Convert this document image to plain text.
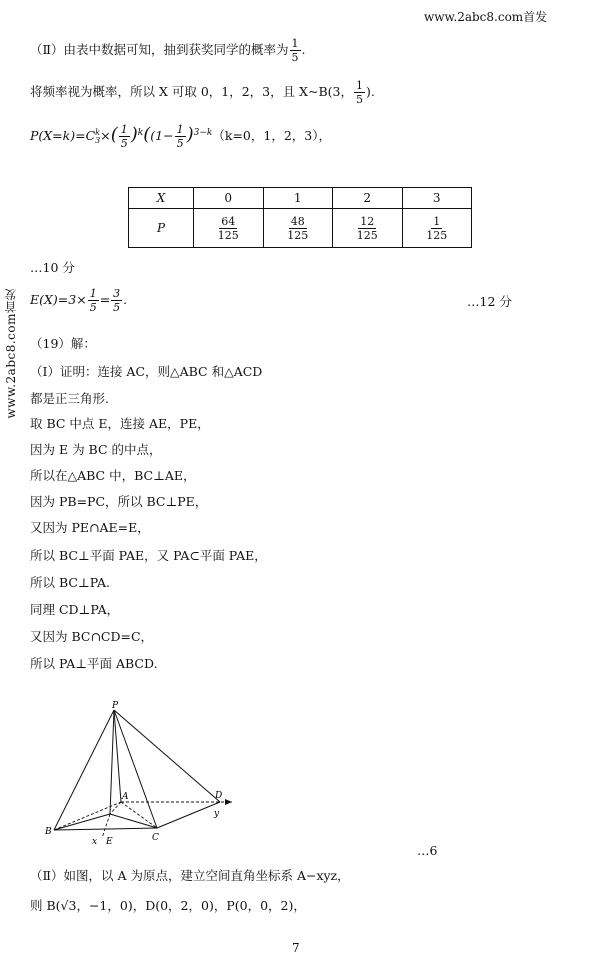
www.2abc8.com首发
www.2abc8.com首发
（Ⅱ）由表中数据可知，抽到获奖同学的概率为 $\frac{1}{5}$ .
将频率视为概率，所以 X 可取 0，1，2，3，且 X~B(3， $\frac{1}{5}$ ).
P(X=k)=C k
3 ×( $\frac{1}{5} )^k((1- \frac{1}{5} )^{3-k}(k=0$，1，2，3），
X	0	1	2	3
P	$\frac{64}{125}$	$\frac{48}{125}$	$\frac{12}{125}$	$\frac{1}{125}$
…10 分
$E(X)=3\times \frac{1}{5} = \frac{3}{5}$ .	…12 分
（19）解：
（Ⅰ）证明：连接 AC，则△ABC 和△ACD
都是正三角形.
取 BC 中点 E，连接 AE，PE，
因为 E 为 BC 的中点，
所以在△ABC 中，BC⊥AE，
因为 PB=PC，所以 BC⊥PE，
又因为 PE∩AE=E，
所以 BC⊥平面 PAE，又 PA⊂平面 PAE，
所以 BC⊥PA.
同理 CD⊥PA，
又因为 BC∩CD=C，
所以 PA⊥平面 ABCD.
P
A
B
C
D
E
x
y
…6
（Ⅱ）如图，以 A 为原点，建立空间直角坐标系 A−xyz，
则 B(√3，−1，0)，D(0，2，0)，P(0，0，2)，
7
